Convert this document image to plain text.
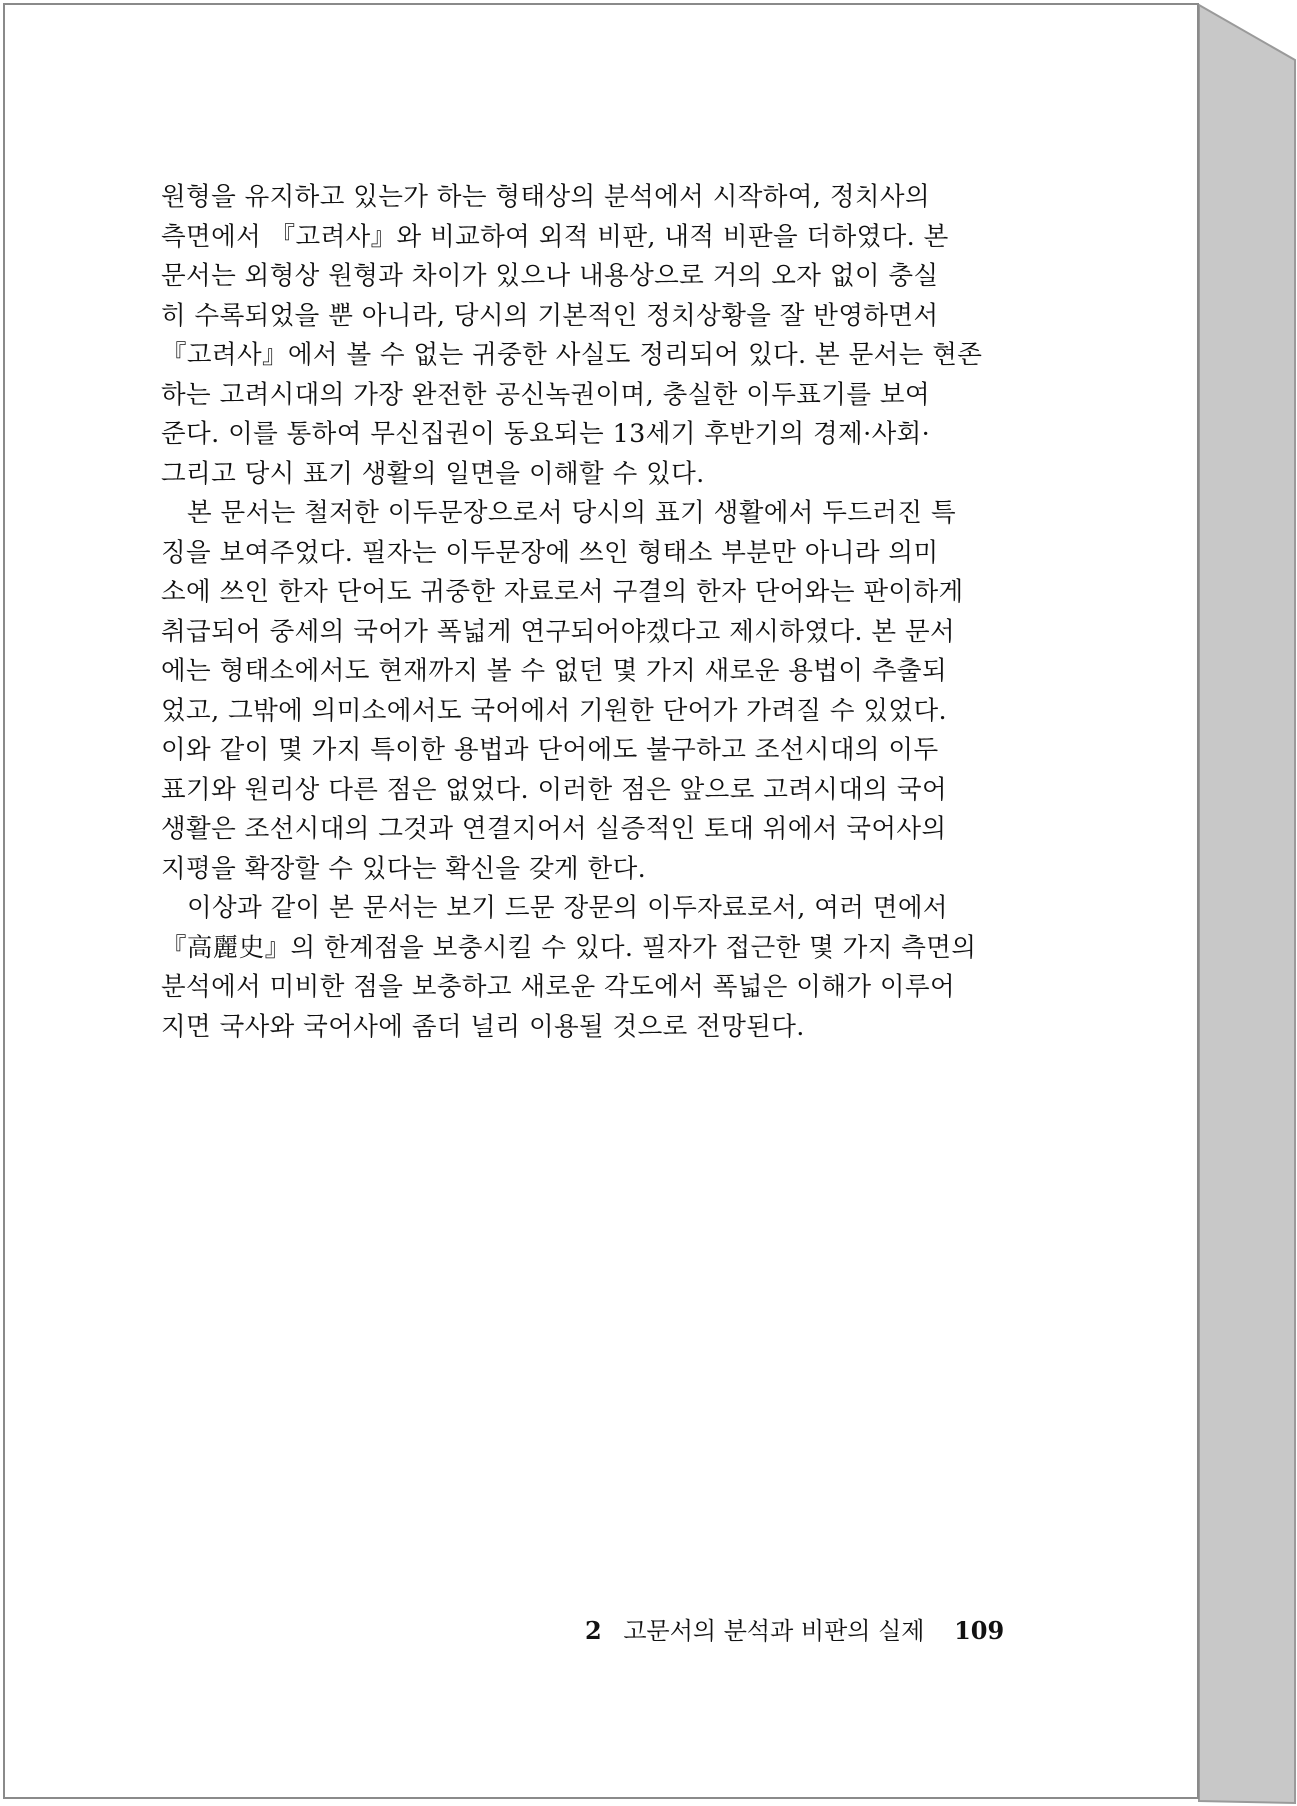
원형을 유지하고 있는가 하는 형태상의 분석에서 시작하여, 정치사의
측면에서 『고려사』와 비교하여 외적 비판, 내적 비판을 더하였다. 본
문서는 외형상 원형과 차이가 있으나 내용상으로 거의 오자 없이 충실
히 수록되었을 뿐 아니라, 당시의 기본적인 정치상황을 잘 반영하면서
『고려사』에서 볼 수 없는 귀중한 사실도 정리되어 있다. 본 문서는 현존
하는 고려시대의 가장 완전한 공신녹권이며, 충실한 이두표기를 보여
준다. 이를 통하여 무신집권이 동요되는 13세기 후반기의 경제·사회·
그리고 당시 표기 생활의 일면을 이해할 수 있다.

본 문서는 철저한 이두문장으로서 당시의 표기 생활에서 두드러진 특
징을 보여주었다. 필자는 이두문장에 쓰인 형태소 부분만 아니라 의미
소에 쓰인 한자 단어도 귀중한 자료로서 구결의 한자 단어와는 판이하게
취급되어 중세의 국어가 폭넓게 연구되어야겠다고 제시하였다. 본 문서
에는 형태소에서도 현재까지 볼 수 없던 몇 가지 새로운 용법이 추출되
었고, 그밖에 의미소에서도 국어에서 기원한 단어가 가려질 수 있었다.
이와 같이 몇 가지 특이한 용법과 단어에도 불구하고 조선시대의 이두
표기와 원리상 다른 점은 없었다. 이러한 점은 앞으로 고려시대의 국어
생활은 조선시대의 그것과 연결지어서 실증적인 토대 위에서 국어사의
지평을 확장할 수 있다는 확신을 갖게 한다.

이상과 같이 본 문서는 보기 드문 장문의 이두자료로서, 여러 면에서
『高麗史』의 한계점을 보충시킬 수 있다. 필자가 접근한 몇 가지 측면의
분석에서 미비한 점을 보충하고 새로운 각도에서 폭넓은 이해가 이루어
지면 국사와 국어사에 좀더 널리 이용될 것으로 전망된다.

2 고문서의 분석과 비판의 실제 109
